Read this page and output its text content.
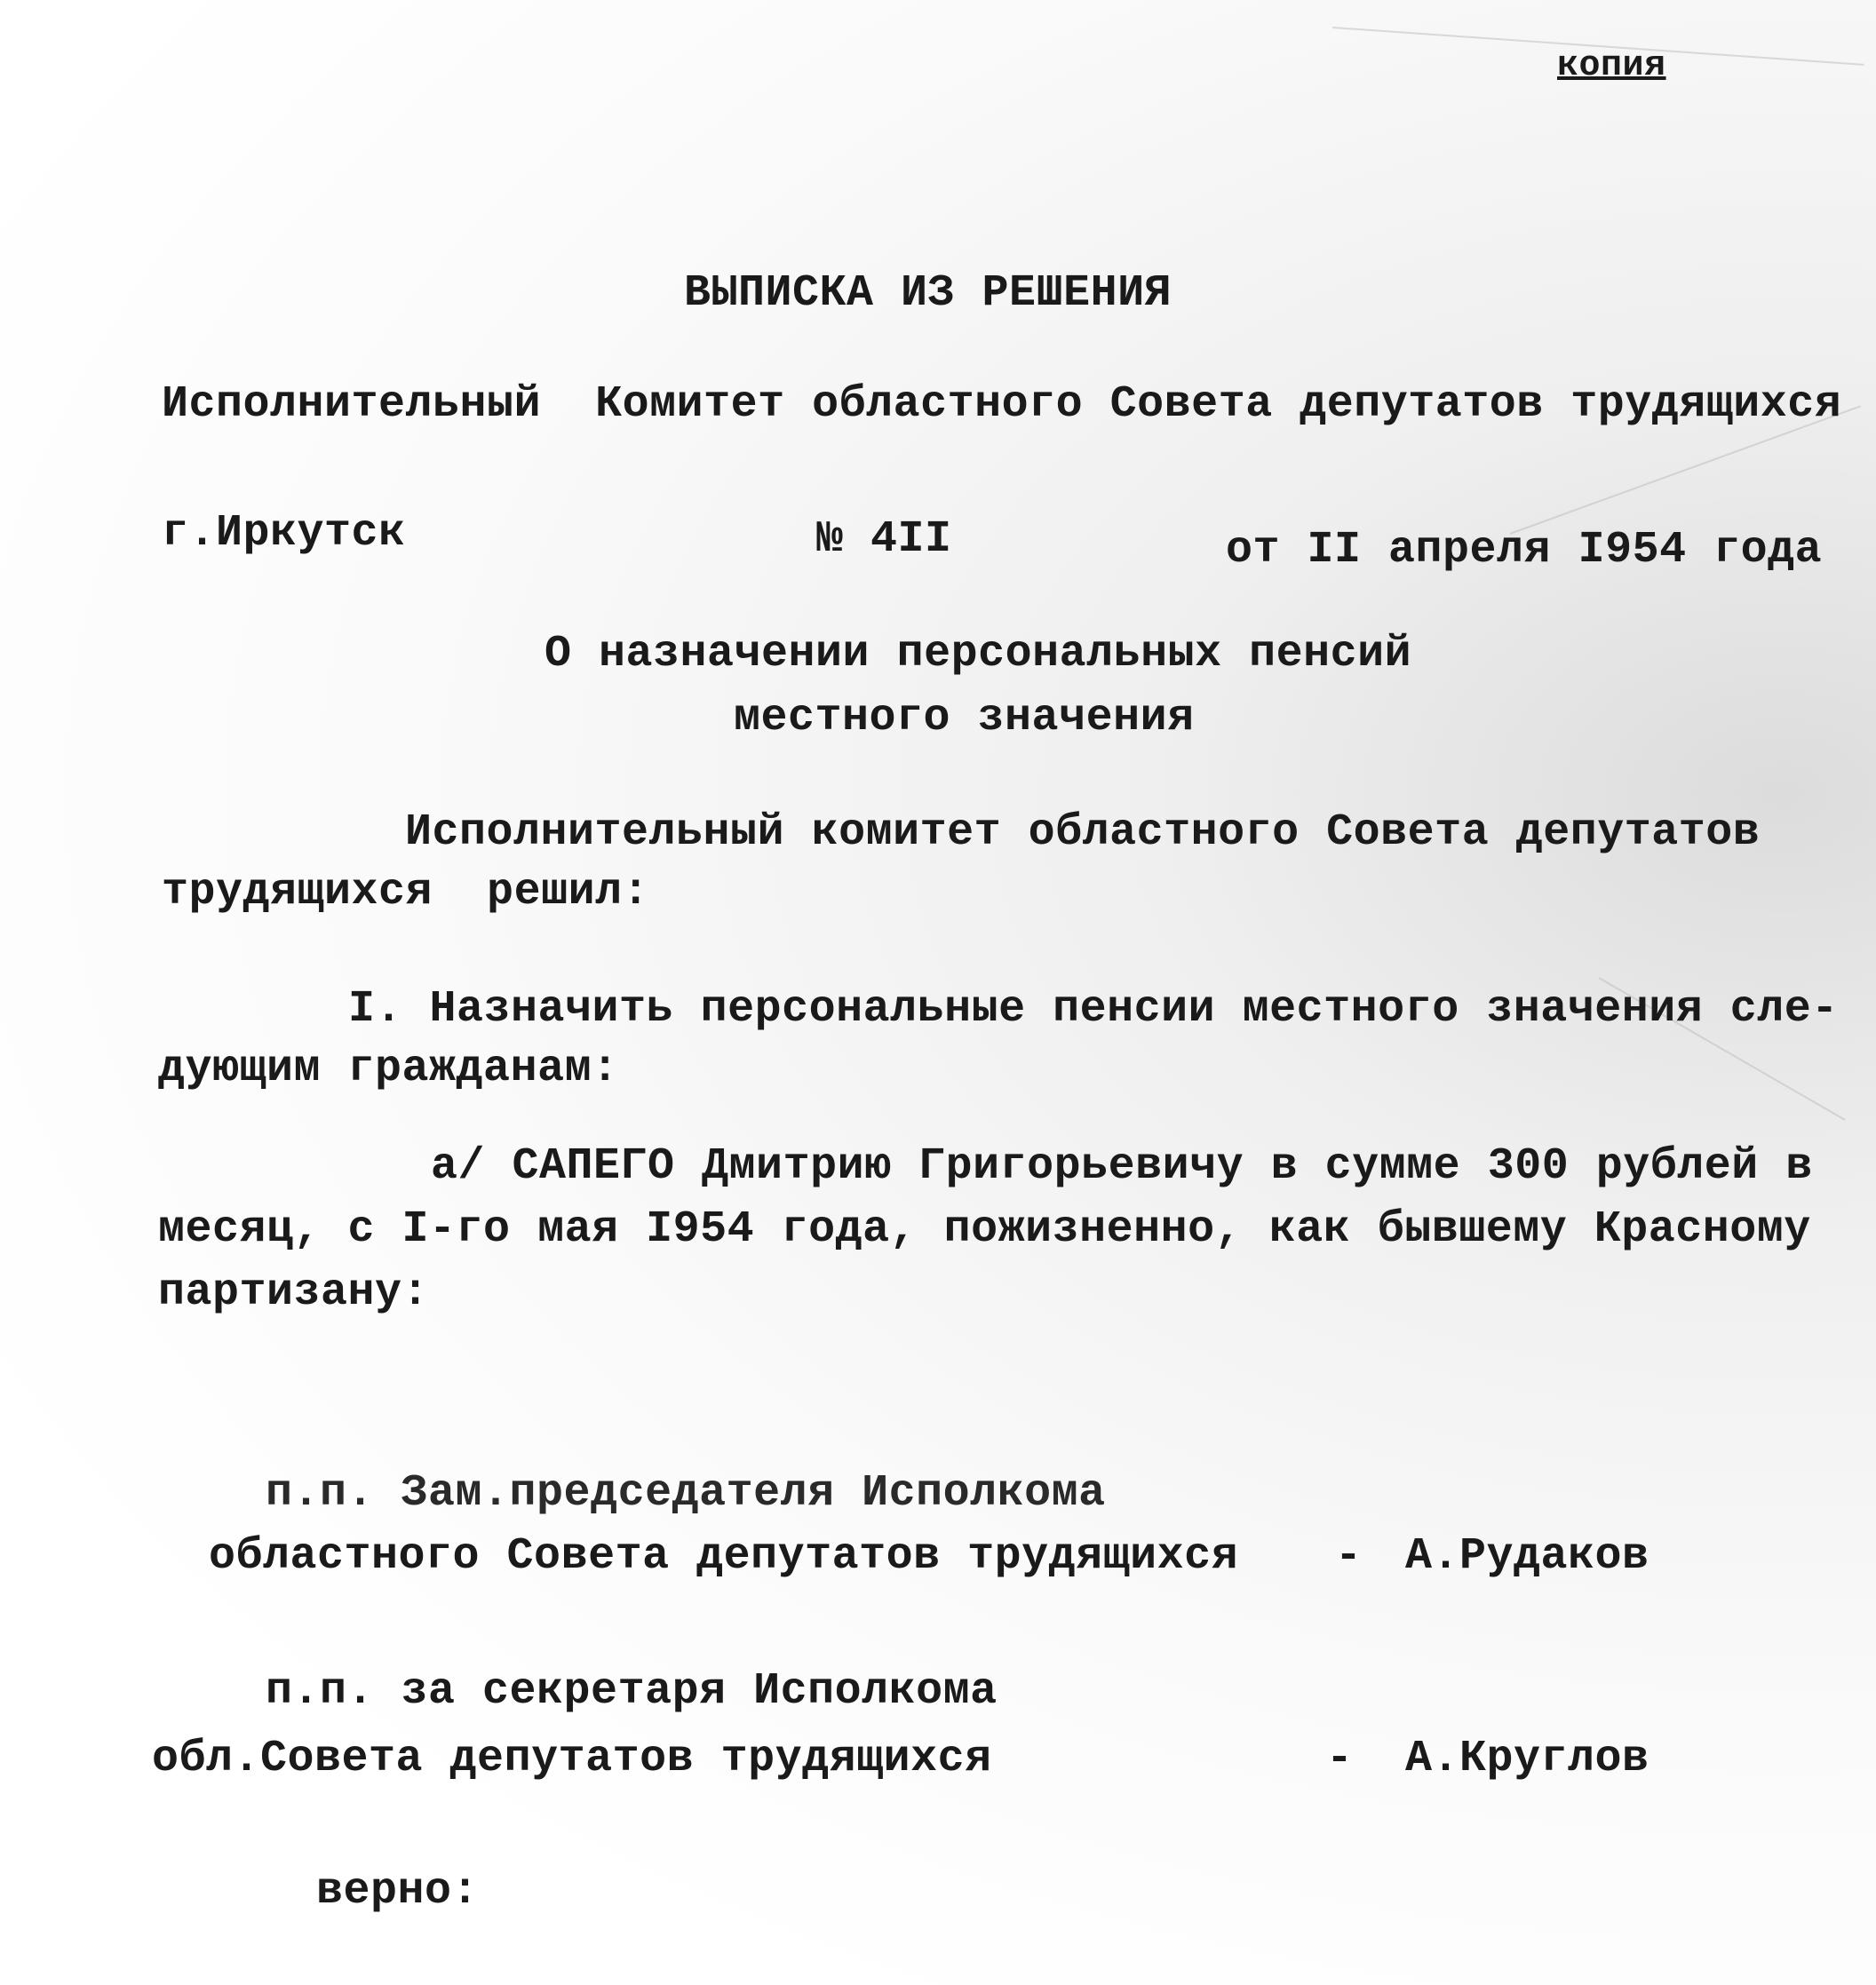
копия
ВЫПИСКА ИЗ РЕШЕНИЯ
Исполнительный  Комитет областного Совета депутатов трудящихся
г.Иркутск	№ 4II	от II апреля I954 года
О назначении персональных пенсий
местного значения
Исполнительный комитет областного Совета депутатов
трудящихся  решил:
I. Назначить персональные пенсии местного значения сле-
дующим гражданам:
а/ САПЕГО Дмитрию Григорьевичу в сумме 300 рублей в
месяц, с I-го мая I954 года, пожизненно, как бывшему Красному
партизану:
п.п. Зам.председателя Исполкома
областного Совета депутатов трудящихся - А.Рудаков
п.п. за секретаря Исполкома
обл.Совета депутатов трудящихся	- А.Круглов
верно:
